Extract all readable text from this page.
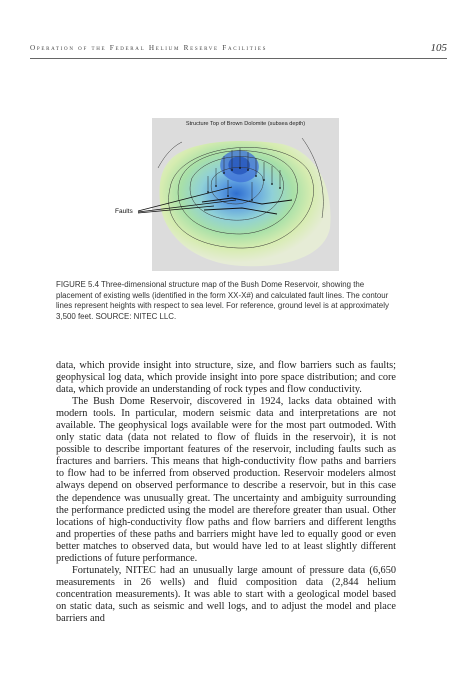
Operation of the Federal Helium Reserve Facilities	105
Structure Top of Brown Dolomite (subsea depth)
Faults
FIGURE 5.4 Three-dimensional structure map of the Bush Dome Reservoir, showing the placement of existing wells (identified in the form XX-X#) and calculated fault lines. The contour lines represent heights with respect to sea level. For reference, ground level is at approximately 3,500 feet. SOURCE: NITEC LLC.

data, which provide insight into structure, size, and flow barriers such as faults; geophysical log data, which provide insight into pore space distribution; and core data, which provide an understanding of rock types and flow conductivity.

The Bush Dome Reservoir, discovered in 1924, lacks data obtained with modern tools. In particular, modern seismic data and interpretations are not available. The geophysical logs available were for the most part outmoded. With only static data (data not related to flow of fluids in the reservoir), it is not possible to describe important features of the reservoir, including faults such as fractures and barriers. This means that high-conductivity flow paths and barriers to flow had to be inferred from observed production. Reservoir modelers almost always depend on observed performance to describe a reservoir, but in this case the dependence was unusually great. The uncertainty and ambiguity surrounding the performance predicted using the model are therefore greater than usual. Other locations of high-conductivity flow paths and flow barriers and different lengths and properties of these paths and barriers might have led to equally good or even better matches to observed data, but would have led to at least slightly different predictions of future performance.

Fortunately, NITEC had an unusually large amount of pressure data (6,650 measurements in 26 wells) and fluid composition data (2,844 helium concentration measurements). It was able to start with a geological model based on static data, such as seismic and well logs, and to adjust the model and place barriers and
